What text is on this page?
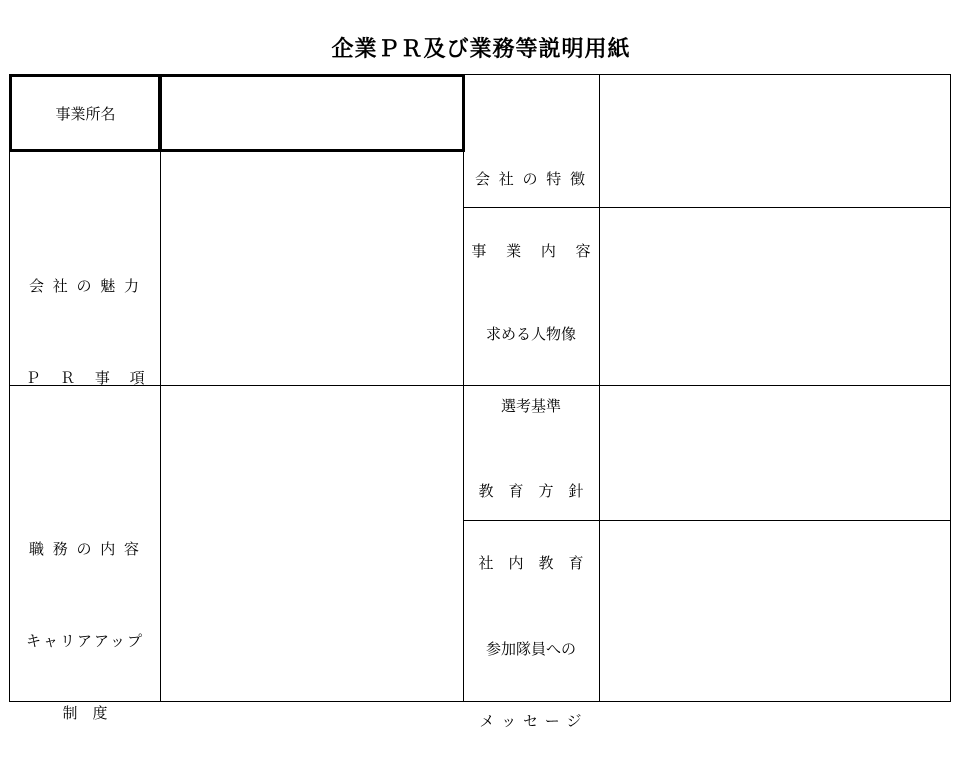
企業ＰＲ及び業務等説明用紙
事業所名

会 社 の 魅 力

Ｐ　 Ｒ　 事　 項

職 務 の 内 容

キャリアアップ

制　度

会 社 の 特 徴

事　 業　 内　 容

求める人物像

選考基準

教　育　方　針

社　内　教　育

参加隊員への

メ ッ セ ー ジ
